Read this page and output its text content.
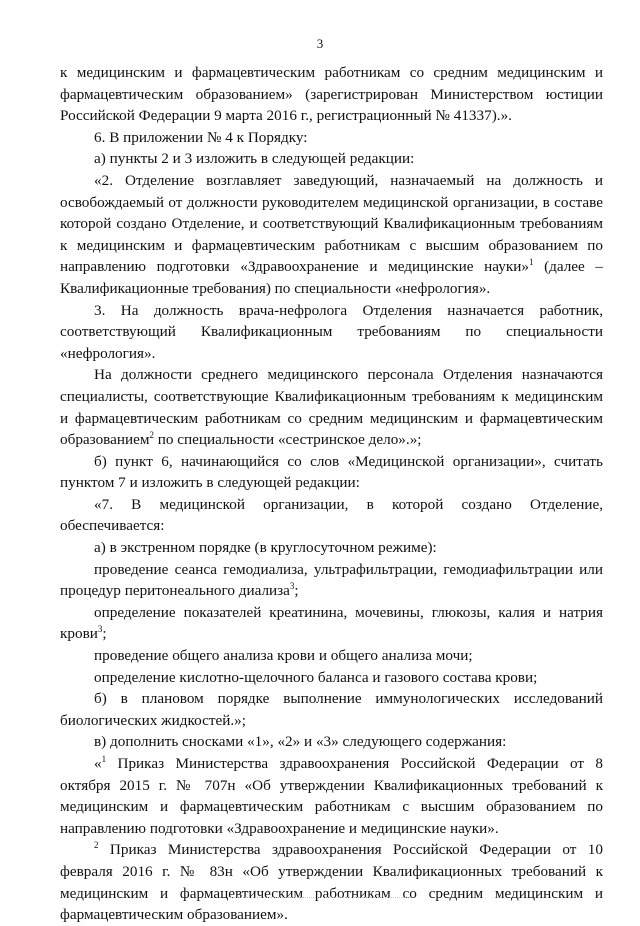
3

к медицинским и фармацевтическим работникам со средним медицинским и фармацевтическим образованием» (зарегистрирован Министерством юстиции Российской Федерации 9 марта 2016 г., регистрационный № 41337).».

6. В приложении № 4 к Порядку:

а) пункты 2 и 3 изложить в следующей редакции:

«2. Отделение возглавляет заведующий, назначаемый на должность и освобождаемый от должности руководителем медицинской организации, в составе которой создано Отделение, и соответствующий Квалификационным требованиям к медицинским и фармацевтическим работникам с высшим образованием по направлению подготовки «Здравоохранение и медицинские науки»$^1$ (далее – Квалификационные требования) по специальности «нефрология».

3. На должность врача-нефролога Отделения назначается работник, соответствующий Квалификационным требованиям по специальности «нефрология».

На должности среднего медицинского персонала Отделения назначаются специалисты, соответствующие Квалификационным требованиям к медицинским и фармацевтическим работникам со средним медицинским и фармацевтическим образованием$^2$ по специальности «сестринское дело».»;

б) пункт 6, начинающийся со слов «Медицинской организации», считать пунктом 7 и изложить в следующей редакции:

«7. В медицинской организации, в которой создано Отделение, обеспечивается:

а) в экстренном порядке (в круглосуточном режиме):

проведение сеанса гемодиализа, ультрафильтрации, гемодиафильтрации или процедур перитонеального диализа$^3$;

определение показателей креатинина, мочевины, глюкозы, калия и натрия крови$^3$;

проведение общего анализа крови и общего анализа мочи;

определение кислотно-щелочного баланса и газового состава крови;

б) в плановом порядке выполнение иммунологических исследований биологических жидкостей.»;

в) дополнить сносками «1», «2» и «3» следующего содержания:

«$^1$ Приказ Министерства здравоохранения Российской Федерации от 8 октября 2015 г. № 707н «Об утверждении Квалификационных требований к медицинским и фармацевтическим работникам с высшим образованием по направлению подготовки «Здравоохранение и медицинские науки».

$^2$ Приказ Министерства здравоохранения Российской Федерации от 10 февраля 2016 г. № 83н «Об утверждении Квалификационных требований к медицинским и фармацевтическим работникам со средним медицинским и фармацевтическим образованием».
